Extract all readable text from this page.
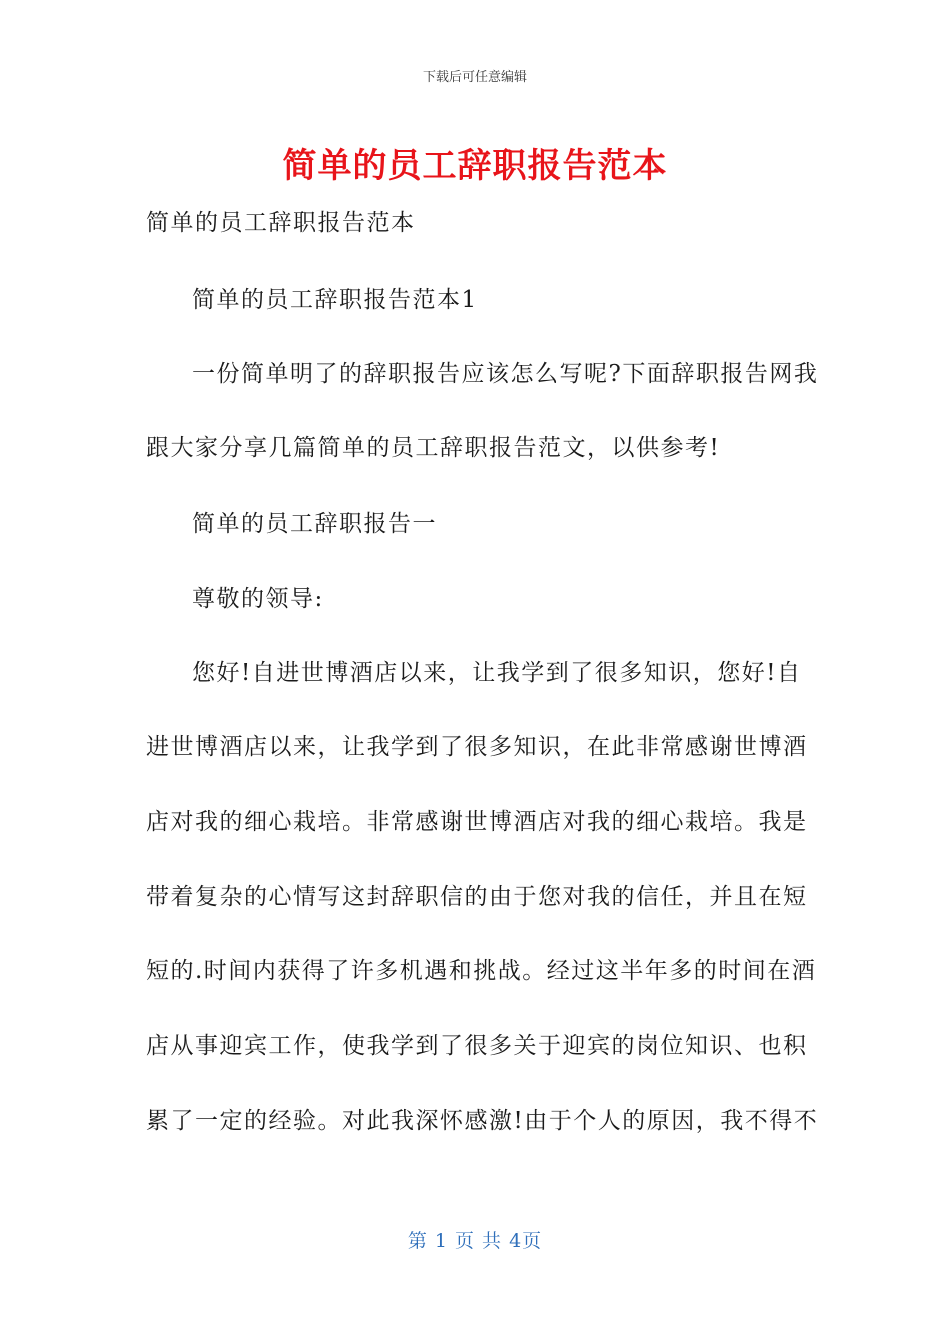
下载后可任意编辑
简单的员工辞职报告范本
简单的员工辞职报告范本
简单的员工辞职报告范本1
一份简单明了的辞职报告应该怎么写呢?下面辞职报告网我
跟大家分享几篇简单的员工辞职报告范文，以供参考!
简单的员工辞职报告一
尊敬的领导:
您好!自进世博酒店以来，让我学到了很多知识，您好!自
进世博酒店以来，让我学到了很多知识，在此非常感谢世博酒
店对我的细心栽培。非常感谢世博酒店对我的细心栽培。我是
带着复杂的心情写这封辞职信的由于您对我的信任，并且在短
短的.时间内获得了许多机遇和挑战。经过这半年多的时间在酒
店从事迎宾工作，使我学到了很多关于迎宾的岗位知识、也积
累了一定的经验。对此我深怀感激!由于个人的原因，我不得不
第 1 页 共 4页
